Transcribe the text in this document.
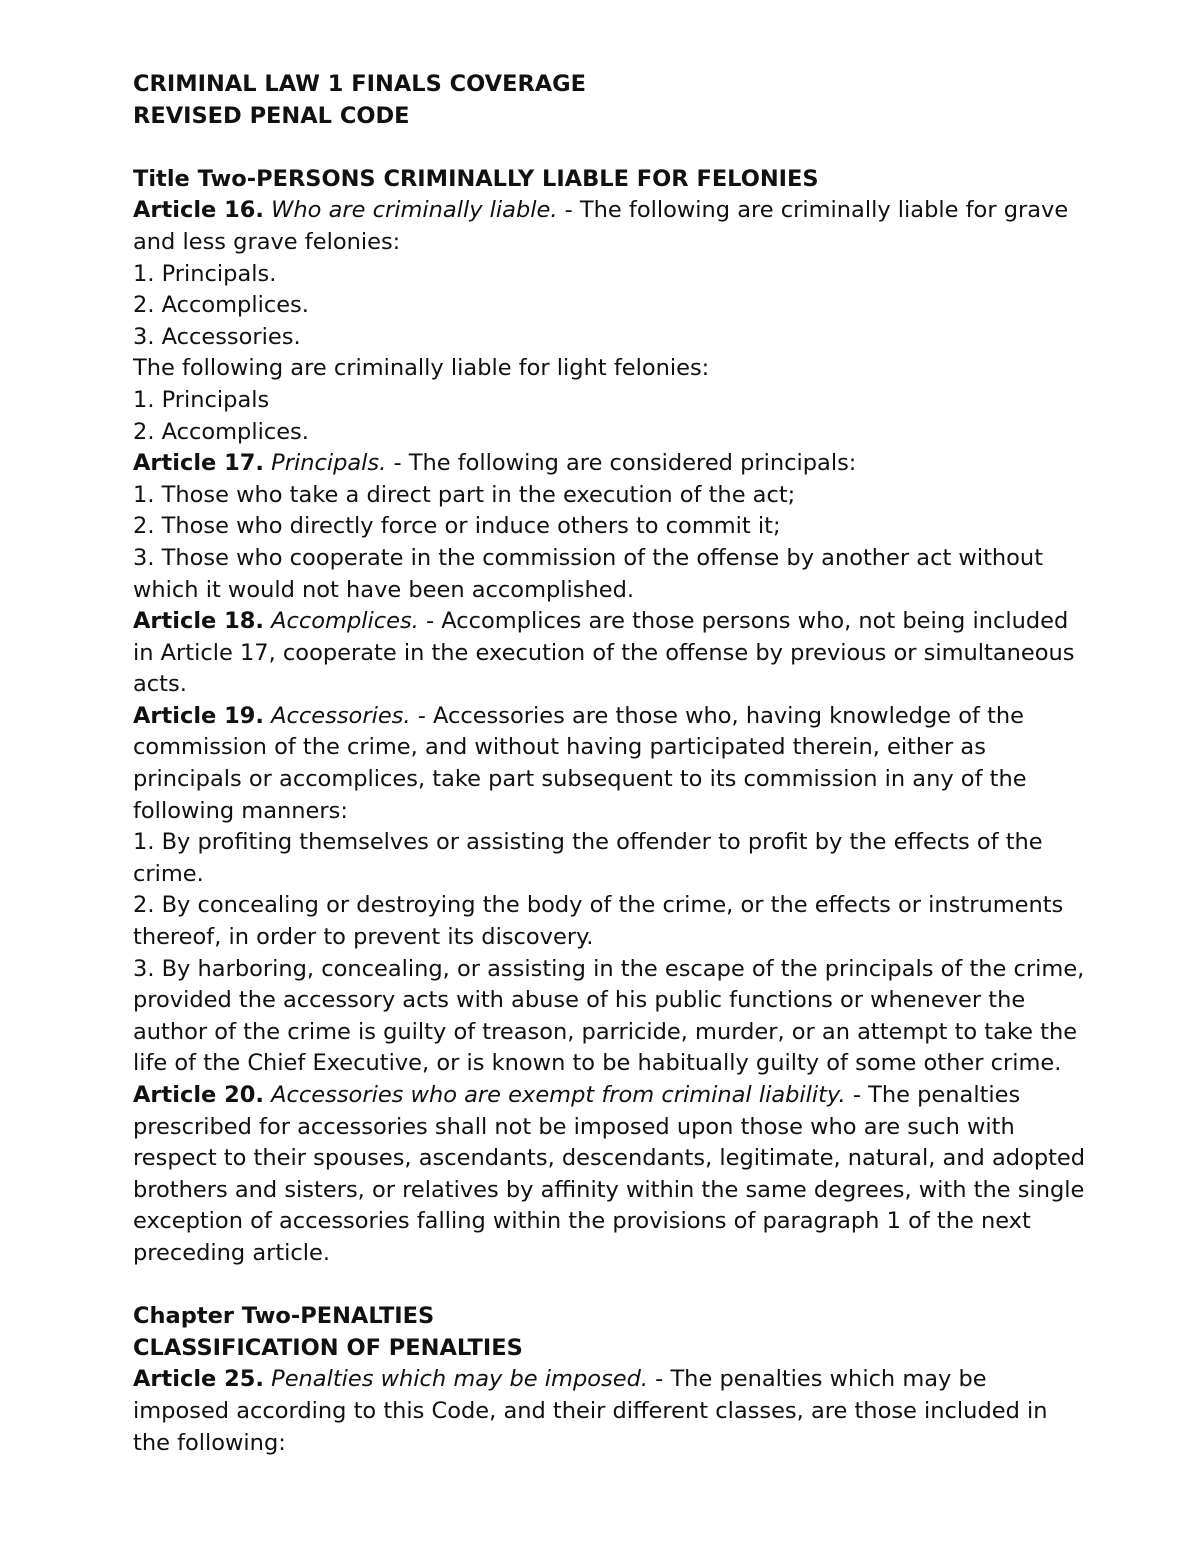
CRIMINAL LAW 1 FINALS COVERAGE
REVISED PENAL CODE
Title Two-PERSONS CRIMINALLY LIABLE FOR FELONIES
Article 16. Who are criminally liable. - The following are criminally liable for grave
and less grave felonies:
1. Principals.
2. Accomplices.
3. Accessories.
The following are criminally liable for light felonies:
1. Principals
2. Accomplices.
Article 17. Principals. - The following are considered principals:
1. Those who take a direct part in the execution of the act;
2. Those who directly force or induce others to commit it;
3. Those who cooperate in the commission of the offense by another act without
which it would not have been accomplished.
Article 18. Accomplices. - Accomplices are those persons who, not being included
in Article 17, cooperate in the execution of the offense by previous or simultaneous
acts.
Article 19. Accessories. - Accessories are those who, having knowledge of the
commission of the crime, and without having participated therein, either as
principals or accomplices, take part subsequent to its commission in any of the
following manners:
1. By profiting themselves or assisting the offender to profit by the effects of the
crime.
2. By concealing or destroying the body of the crime, or the effects or instruments
thereof, in order to prevent its discovery.
3. By harboring, concealing, or assisting in the escape of the principals of the crime,
provided the accessory acts with abuse of his public functions or whenever the
author of the crime is guilty of treason, parricide, murder, or an attempt to take the
life of the Chief Executive, or is known to be habitually guilty of some other crime.
Article 20. Accessories who are exempt from criminal liability. - The penalties
prescribed for accessories shall not be imposed upon those who are such with
respect to their spouses, ascendants, descendants, legitimate, natural, and adopted
brothers and sisters, or relatives by affinity within the same degrees, with the single
exception of accessories falling within the provisions of paragraph 1 of the next
preceding article.
Chapter Two-PENALTIES
CLASSIFICATION OF PENALTIES
Article 25. Penalties which may be imposed. - The penalties which may be
imposed according to this Code, and their different classes, are those included in
the following:
